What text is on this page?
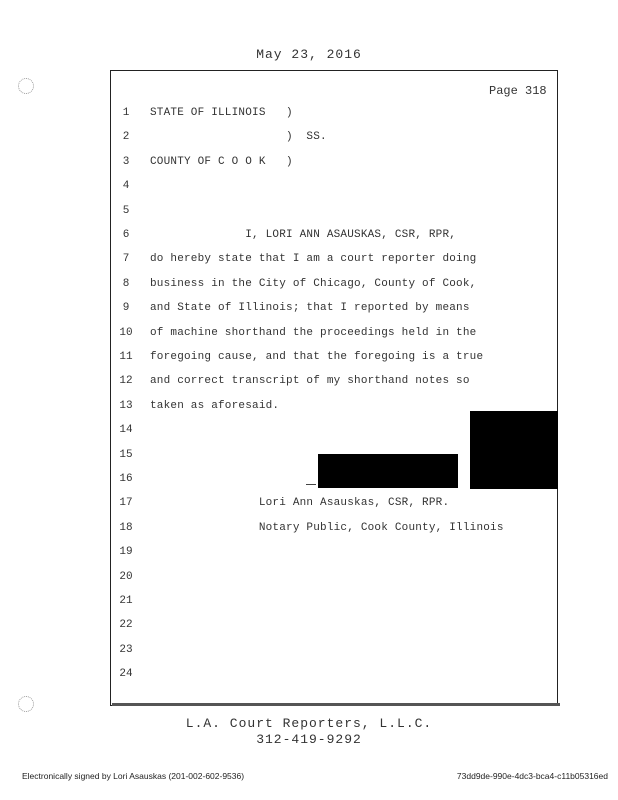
May 23, 2016
Page 318
1	STATE OF ILLINOIS   )
2	)  SS.
3	COUNTY OF C O O K   )
4
5
6	I, LORI ANN ASAUSKAS, CSR, RPR,
7	do hereby state that I am a court reporter doing
8	business in the City of Chicago, County of Cook,
9	and State of Illinois; that I reported by means
10	of machine shorthand the proceedings held in the
11	foregoing cause, and that the foregoing is a true
12	and correct transcript of my shorthand notes so
13	taken as aforesaid.
14
15
16
17	Lori Ann Asauskas, CSR, RPR.
18	Notary Public, Cook County, Illinois
19
20
21
22
23
24
L.A. Court Reporters, L.L.C.
312-419-9292
Electronically signed by Lori Asauskas (201-002-602-9536)	73dd9de-990e-4dc3-bca4-c11b05316ed
